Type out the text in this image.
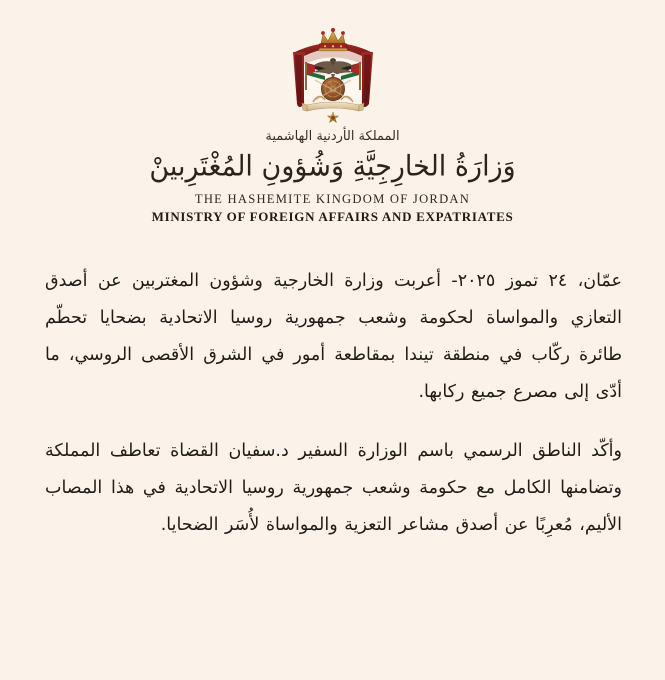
المملكة الأردنية الهاشمية
وَزارَةُ الخارِجِيَّةِ وَشُؤونِ المُغْتَرِبينْ
THE HASHEMITE KINGDOM OF JORDAN
MINISTRY OF FOREIGN AFFAIRS AND EXPATRIATES

عمّان، ٢٤ تموز ٢٠٢٥- أعربت وزارة الخارجية وشؤون المغتربين عن أصدق التعازي والمواساة لحكومة وشعب جمهورية روسيا الاتحادية بضحايا تحطّم طائرة ركّاب في منطقة تيندا بمقاطعة أمور في الشرق الأقصى الروسي، ما أدّى إلى مصرع جميع ركابها.

وأكّد الناطق الرسمي باسم الوزارة السفير د.سفيان القضاة تعاطف المملكة وتضامنها الكامل مع حكومة وشعب جمهورية روسيا الاتحادية في هذا المصاب الأليم، مُعرِبًا عن أصدق مشاعر التعزية والمواساة لأُسَر الضحايا.
